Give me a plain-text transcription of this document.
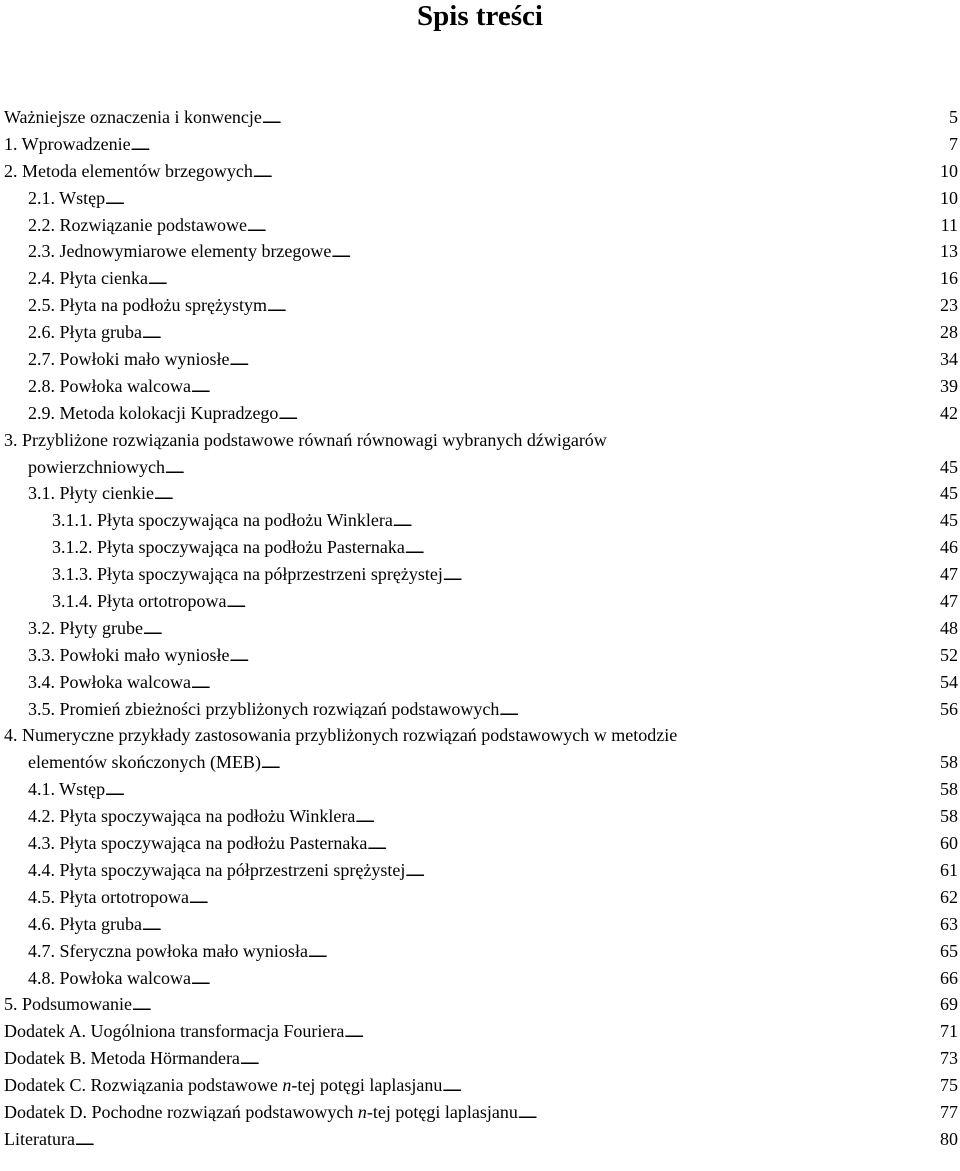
Spis treści
Ważniejsze oznaczenia i konwencje . . .	5
1. Wprowadzenie . . .	7
2. Metoda elementów brzegowych . . .	10
2.1. Wstęp . . .	10
2.2. Rozwiązanie podstawowe . . .	11
2.3. Jednowymiarowe elementy brzegowe . . .	13
2.4. Płyta cienka . . .	16
2.5. Płyta na podłożu sprężystym . . .	23
2.6. Płyta gruba . . .	28
2.7. Powłoki mało wyniosłe . . .	34
2.8. Powłoka walcowa . . .	39
2.9. Metoda kolokacji Kupradzego . . .	42
3. Przybliżone rozwiązania podstawowe równań równowagi wybranych dźwigarów
powierzchniowych . . .	45
3.1. Płyty cienkie . . .	45
3.1.1. Płyta spoczywająca na podłożu Winklera . . .	45
3.1.2. Płyta spoczywająca na podłożu Pasternaka . . .	46
3.1.3. Płyta spoczywająca na półprzestrzeni sprężystej . . .	47
3.1.4. Płyta ortotropowa . . .	47
3.2. Płyty grube . . .	48
3.3. Powłoki mało wyniosłe . . .	52
3.4. Powłoka walcowa . . .	54
3.5. Promień zbieżności przybliżonych rozwiązań podstawowych . . .	56
4. Numeryczne przykłady zastosowania przybliżonych rozwiązań podstawowych w metodzie
elementów skończonych (MEB) . . .	58
4.1. Wstęp . . .	58
4.2. Płyta spoczywająca na podłożu Winklera . . .	58
4.3. Płyta spoczywająca na podłożu Pasternaka . . .	60
4.4. Płyta spoczywająca na półprzestrzeni sprężystej . . .	61
4.5. Płyta ortotropowa . . .	62
4.6. Płyta gruba . . .	63
4.7. Sferyczna powłoka mało wyniosła . . .	65
4.8. Powłoka walcowa . . .	66
5. Podsumowanie . . .	69
Dodatek A. Uogólniona transformacja Fouriera . . .	71
Dodatek B. Metoda Hörmandera . . .	73
Dodatek C. Rozwiązania podstawowe n-tej potęgi laplasjanu . . .	75
Dodatek D. Pochodne rozwiązań podstawowych n-tej potęgi laplasjanu . . .	77
Literatura . . .	80
